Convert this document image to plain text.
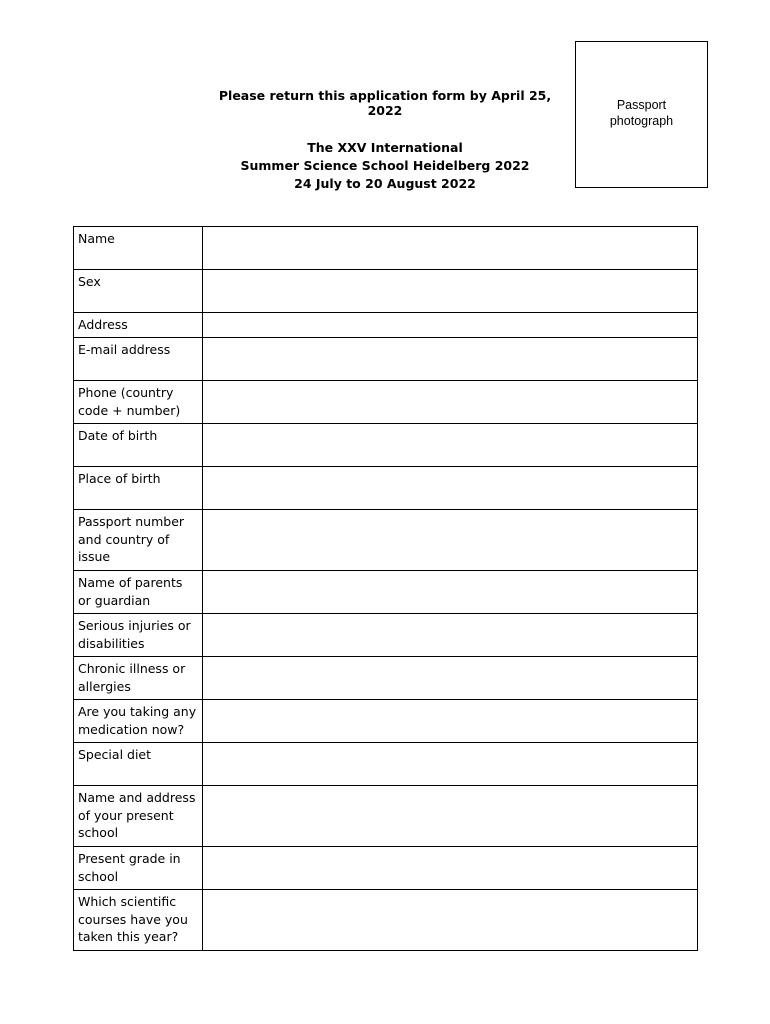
Please return this application form by April 25, 2022
The XXV International
Summer Science School Heidelberg 2022
24 July to 20 August 2022
Passport
photograph
Name	
Sex	
Address	
E-mail address	
Phone (country code + number)	
Date of birth	
Place of birth	
Passport number and country of issue	
Name of parents or guardian	
Serious injuries or disabilities	
Chronic illness or allergies	
Are you taking any medication now?	
Special diet	
Name and address of your present school	
Present grade in school	
Which scientific courses have you taken this year?	
